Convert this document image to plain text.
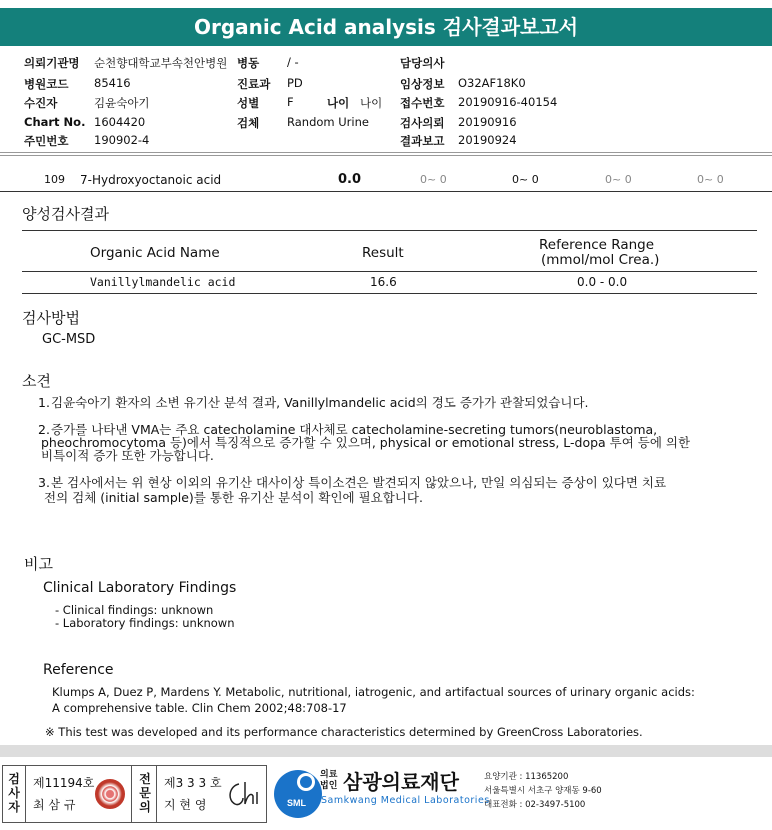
Organic Acid analysis 검사결과보고서
의뢰기관명 순천향대학교부속천안병원 병동 / -	담당의사
병원코드 85416	진료과 PD	임상정보 O32AF18K0
수진자	김윤숙아기	성별 F	나이 나이 접수번호 20190916-40154
Chart No. 1604420	검체 Random Urine	검사의뢰 20190916
주민번호 190902-4	결과보고 20190924
109 7-Hydroxyoctanoic acid	0.0	0~ 0	0~ 0	0~ 0	0~ 0
양성검사결과
Organic Acid Name	Result	Reference Range
(mmol/mol Crea.)
Vanillylmandelic acid	16.6	0.0 - 0.0
검사방법
GC-MSD
소견
1. 김윤숙아기 환자의 소변 유기산 분석 결과, Vanillylmandelic acid의 경도 증가가 관찰되었습니다.
2. 증가를 나타낸 VMA는 주요 catecholamine 대사체로 catecholamine-secreting tumors(neuroblastoma,
pheochromocytoma 등)에서 특징적으로 증가할 수 있으며, physical or emotional stress, L-dopa 투여 등에 의한
비특이적 증가 또한 가능합니다.
3. 본 검사에서는 위 현상 이외의 유기산 대사이상 특이소견은 발견되지 않았으나, 만일 의심되는 증상이 있다면 치료
전의 검체 (initial sample)를 통한 유기산 분석이 확인에 필요합니다.
비고
Clinical Laboratory Findings
- Clinical findings: unknown
- Laboratory findings: unknown
Reference
Klumps A, Duez P, Mardens Y. Metabolic, nutritional, iatrogenic, and artifactual sources of urinary organic acids:
A comprehensive table. Clin Chem 2002;48:708-17
※ This test was developed and its performance characteristics determined by GreenCross Laboratories.
검사자
제11194호
최 삼 규
전문의
제3 3 3 호
지 현 영	SML
의료
법인 삼광의료재단
Samkwang Medical Laboratories
요양기관 : 11365200
서울특별시 서초구 양재동 9-60
대표전화 : 02-3497-5100
